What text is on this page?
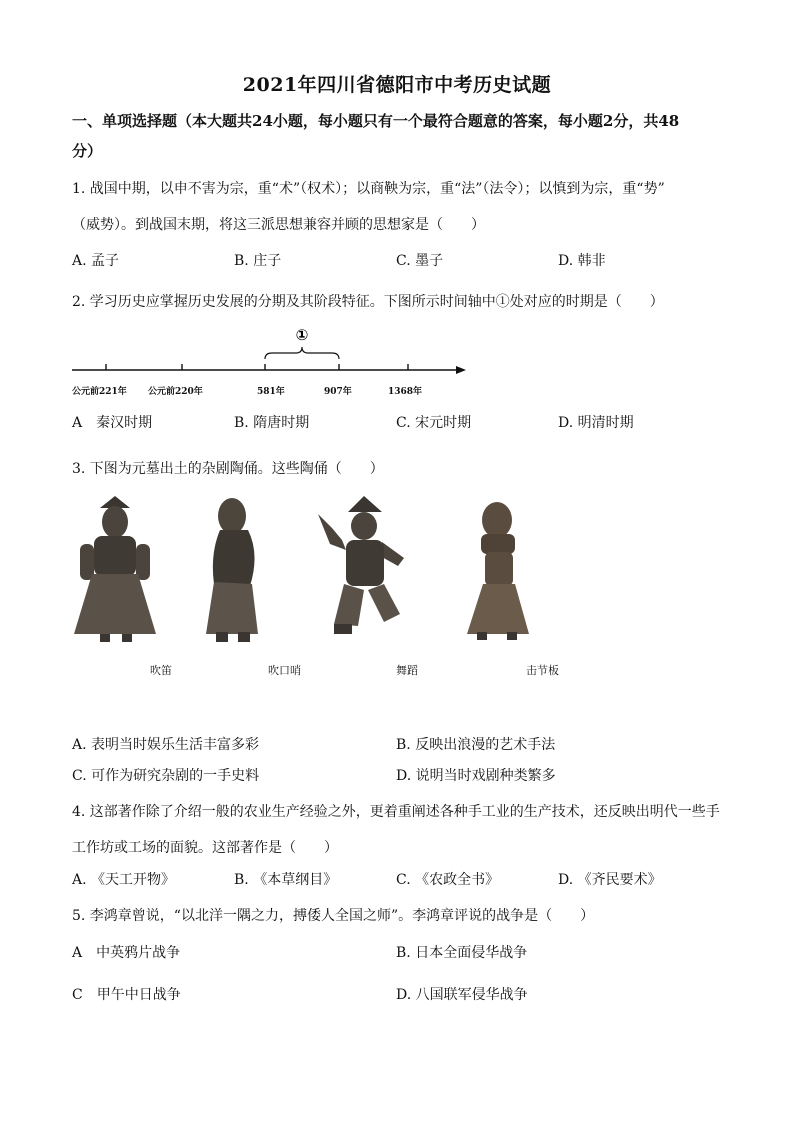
2021年四川省德阳市中考历史试题
一、单项选择题（本大题共24小题，每小题只有一个最符合题意的答案，每小题2分，共48
分）
1. 战国中期，以申不害为宗，重“术”（权术）；以商鞅为宗，重“法”（法令）；以慎到为宗，重“势”
（威势）。到战国末期，将这三派思想兼容并顾的思想家是（　　）
A. 孟子	B. 庄子	C. 墨子	D. 韩非
2. 学习历史应掌握历史发展的分期及其阶段特征。下图所示时间轴中①处对应的时期是（　　）
①
公元前221年 公元前220年	581年	907年	1368年
A　秦汉时期	B. 隋唐时期	C. 宋元时期	D. 明清时期
3. 下图为元墓出土的杂剧陶俑。这些陶俑（　　）
吹笛	吹口哨	舞蹈	击节板
A. 表明当时娱乐生活丰富多彩	B. 反映出浪漫的艺术手法
C. 可作为研究杂剧的一手史料	D. 说明当时戏剧种类繁多
4. 这部著作除了介绍一般的农业生产经验之外，更着重阐述各种手工业的生产技术，还反映出明代一些手
工作坊或工场的面貌。这部著作是（　　）
A. 《天工开物》	B. 《本草纲目》	C. 《农政全书》	D. 《齐民要术》
5. 李鸿章曾说，“以北洋一隅之力，搏倭人全国之师”。李鸿章评说的战争是（　　）
A　中英鸦片战争	B. 日本全面侵华战争
C　甲午中日战争	D. 八国联军侵华战争
